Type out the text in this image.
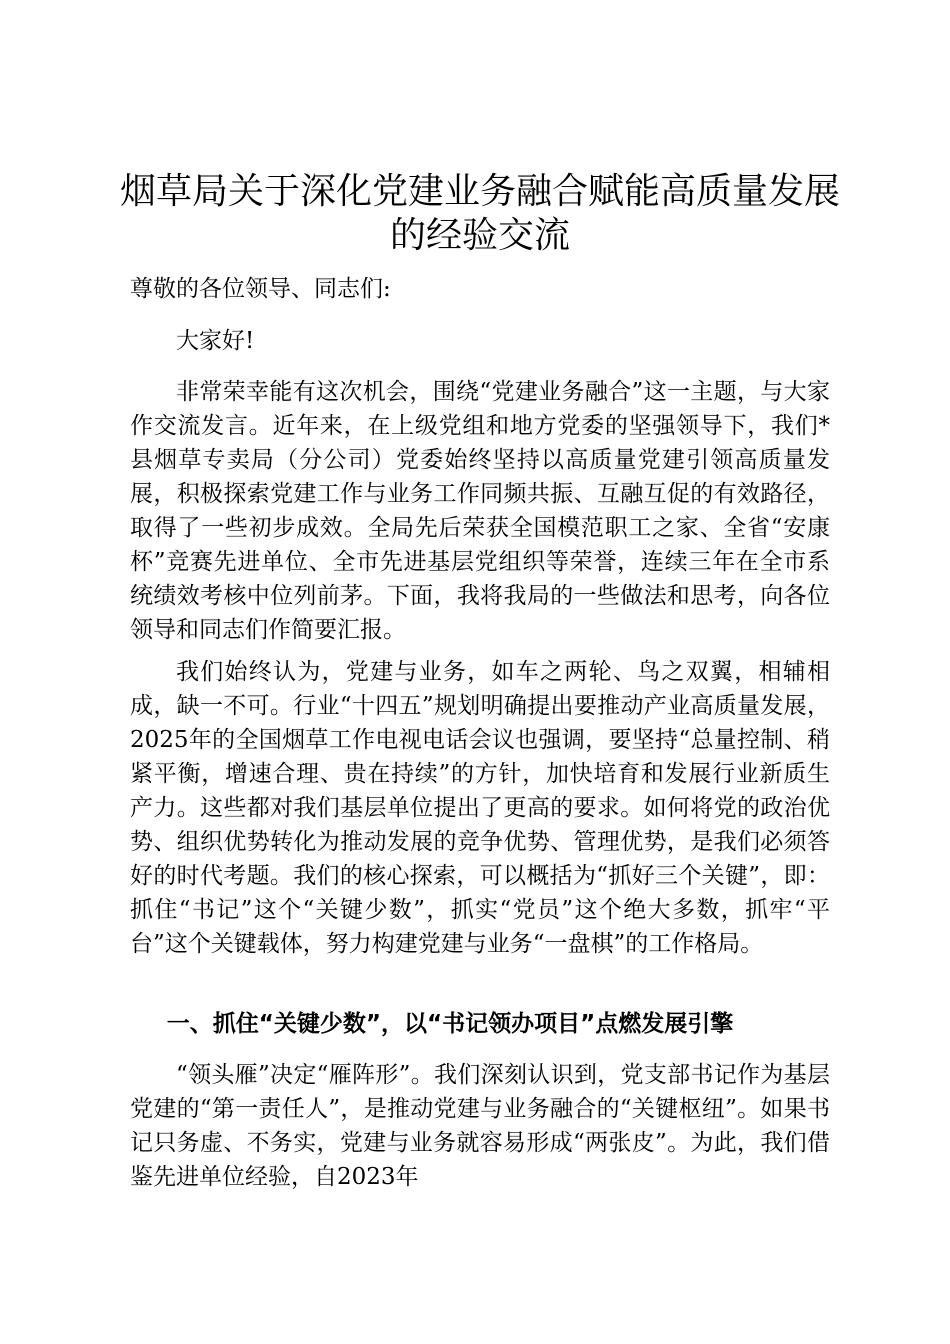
烟草局关于深化党建业务融合赋能高质量发展的经验交流

尊敬的各位领导、同志们:

大家好!

非常荣幸能有这次机会，围绕“党建业务融合”这一主题，与大家作交流发言。近年来，在上级党组和地方党委的坚强领导下，我们*县烟草专卖局（分公司）党委始终坚持以高质量党建引领高质量发展，积极探索党建工作与业务工作同频共振、互融互促的有效路径，取得了一些初步成效。全局先后荣获全国模范职工之家、全省“安康杯”竞赛先进单位、全市先进基层党组织等荣誉，连续三年在全市系统绩效考核中位列前茅。下面，我将我局的一些做法和思考，向各位领导和同志们作简要汇报。

我们始终认为，党建与业务，如车之两轮、鸟之双翼，相辅相成，缺一不可。行业“十四五”规划明确提出要推动产业高质量发展，2025年的全国烟草工作电视电话会议也强调，要坚持“总量控制、稍紧平衡，增速合理、贵在持续”的方针，加快培育和发展行业新质生产力。这些都对我们基层单位提出了更高的要求。如何将党的政治优势、组织优势转化为推动发展的竞争优势、管理优势，是我们必须答好的时代考题。我们的核心探索，可以概括为“抓好三个关键”，即：抓住“书记”这个“关键少数”，抓实“党员”这个绝大多数，抓牢“平台”这个关键载体，努力构建党建与业务“一盘棋”的工作格局。

一、抓住“关键少数”，以“书记领办项目”点燃发展引擎

“领头雁”决定“雁阵形”。我们深刻认识到，党支部书记作为基层党建的“第一责任人”，是推动党建与业务融合的“关键枢纽”。如果书记只务虚、不务实，党建与业务就容易形成“两张皮”。为此，我们借鉴先进单位经验，自2023年
